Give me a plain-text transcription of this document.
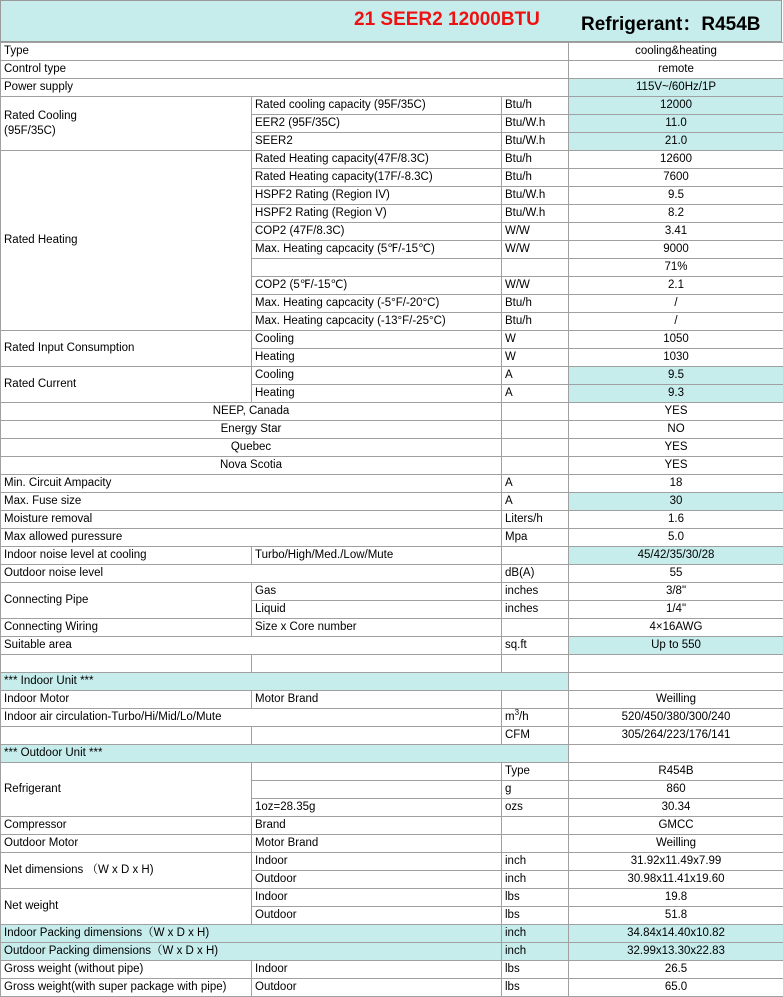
21 SEER2 12000BTU Refrigerant：R454B
Type			cooling&heating
Control type			remote
Power supply			115V~/60Hz/1P
Rated Cooling
(95F/35C)	Rated cooling capacity (95F/35C)	Btu/h	12000
	EER2 (95F/35C)	Btu/W.h	11.0
	SEER2	Btu/W.h	21.0
Rated Heating	Rated Heating capacity(47F/8.3C)	Btu/h	12600
	Rated Heating capacity(17F/-8.3C)	Btu/h	7600
	HSPF2 Rating (Region IV)	Btu/W.h	9.5
	HSPF2 Rating (Region V)	Btu/W.h	8.2
	COP2 (47F/8.3C)	W/W	3.41
	Max. Heating capcacity (5℉/-15℃)	W/W	9000
			71%
	COP2 (5℉/-15℃)	W/W	2.1
	Max. Heating capcacity (-5°F/-20°C)	Btu/h	/
	Max. Heating capcacity (-13°F/-25°C)	Btu/h	/
Rated Input Consumption	Cooling	W	1050
	Heating	W	1030
Rated Current	Cooling	A	9.5
	Heating	A	9.3
NEEP, Canada			YES
Energy Star			NO
Quebec			YES
Nova Scotia			YES
Min. Circuit Ampacity		A	18
Max. Fuse size		A	30
Moisture removal		Liters/h	1.6
Max allowed puressure		Mpa	5.0
Indoor noise level at cooling	Turbo/High/Med./Low/Mute		45/42/35/30/28
Outdoor noise level		dB(A)	55
Connecting Pipe	Gas	inches	3/8"
	Liquid	inches	1/4"
Connecting Wiring	Size x Core number		4×16AWG
Suitable area		sq.ft	Up to 550

*** Indoor Unit ***			
Indoor Motor	Motor Brand		Weilling
Indoor air circulation-Turbo/Hi/Mid/Lo/Mute		$m^3/h$	520/450/380/300/240
		CFM	305/264/223/176/141
*** Outdoor Unit ***			
Refrigerant		Type	R454B
		g	860
	1oz=28.35g	ozs	30.34
Compressor	Brand		GMCC
Outdoor Motor	Motor Brand		Weilling
Net dimensions （W x D x H)	Indoor	inch	31.92x11.49x7.99
	Outdoor	inch	30.98x11.41x19.60
Net weight	Indoor	lbs	19.8
	Outdoor	lbs	51.8
Indoor Packing dimensions（W x D x H)		inch	34.84x14.40x10.82
Outdoor Packing dimensions（W x D x H)		inch	32.99x13.30x22.83
Gross weight (without pipe)	Indoor	lbs	26.5
Gross weight(with super package with pipe)	Outdoor	lbs	65.0
